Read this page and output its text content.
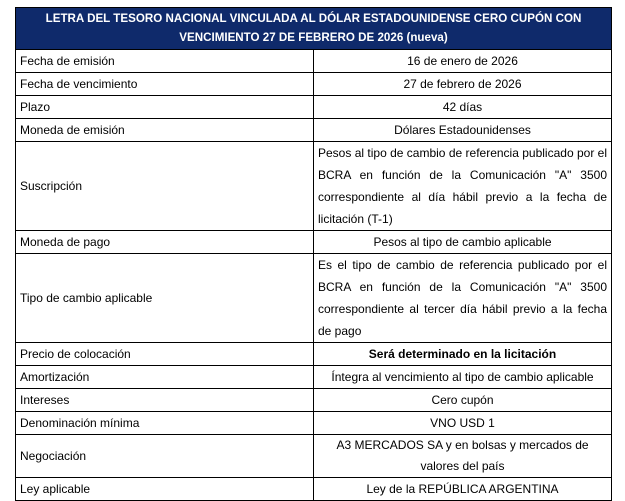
LETRA DEL TESORO NACIONAL VINCULADA AL DÓLAR ESTADOUNIDENSE CERO CUPÓN CON
VENCIMIENTO 27 DE FEBRERO DE 2026 (nueva)	
Fecha de emisión	16 de enero de 2026
Fecha de vencimiento	27 de febrero de 2026
Plazo	42 días
Moneda de emisión	Dólares Estadounidenses
Suscripción	Pesos al tipo de cambio de referencia publicado por el BCRA en función de la Comunicación "A" 3500 correspondiente al día hábil previo a la fecha de licitación (T-1)
Moneda de pago	Pesos al tipo de cambio aplicable
Tipo de cambio aplicable	Es el tipo de cambio de referencia publicado por el BCRA en función de la Comunicación "A" 3500 correspondiente al tercer día hábil previo a la fecha de pago
Precio de colocación	Será determinado en la licitación
Amortización	Íntegra al vencimiento al tipo de cambio aplicable
Intereses	Cero cupón
Denominación mínima	VNO USD 1
Negociación	A3 MERCADOS SA y en bolsas y mercados de valores del país
Ley aplicable	Ley de la REPÚBLICA ARGENTINA
